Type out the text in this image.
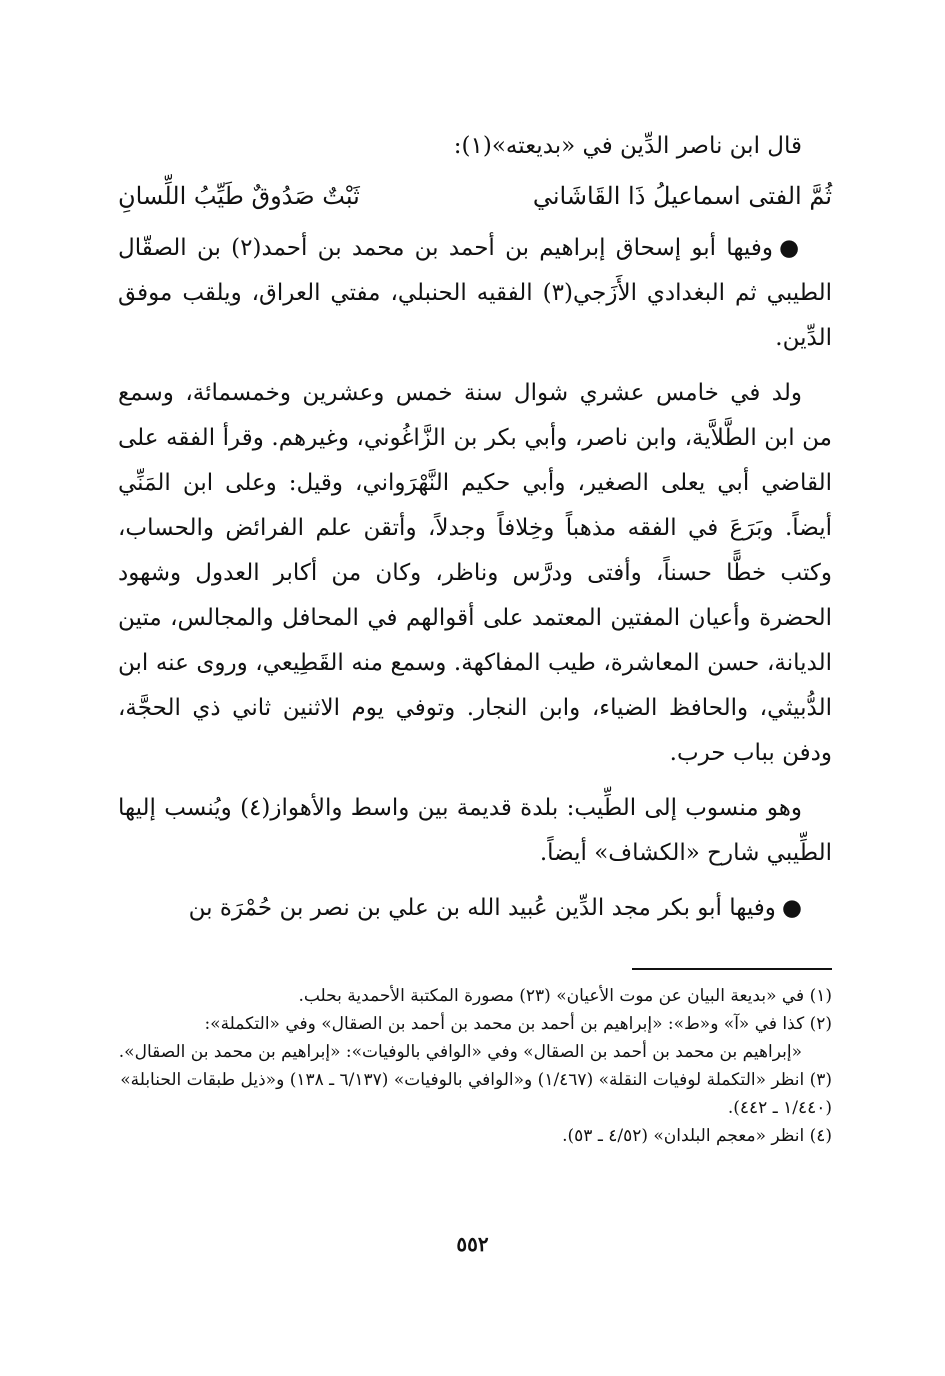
قال ابن ناصر الدِّين في «بديعته»(١):

ثُمَّ الفتى اسماعيلُ ذَا القَاشَاني
ثَبْتٌ صَدُوقٌ طَيِّبُ اللِّسانِ

●وفيها أبو إسحاق إبراهيم بن أحمد بن محمد بن أحمد(٢) بن الصقّال الطيبي ثم البغدادي الأَزَجي(٣) الفقيه الحنبلي، مفتي العراق، ويلقب موفق الدِّين.

ولد في خامس عشري شوال سنة خمس وعشرين وخمسمائة، وسمع من ابن الطَّلاَّية، وابن ناصر، وأبي بكر بن الزَّاغُوني، وغيرهم. وقرأ الفقه على القاضي أبي يعلى الصغير، وأبي حكيم النَّهْرَواني، وقيل: وعلى ابن المَنِّي أيضاً. وبَرَعَ في الفقه مذهباً وخِلافاً وجدلاً، وأتقن علم الفرائض والحساب، وكتب خطًّا حسناً، وأفتى ودرَّس وناظر، وكان من أكابر العدول وشهود الحضرة وأعيان المفتين المعتمد على أقوالهم في المحافل والمجالس، متين الديانة، حسن المعاشرة، طيب المفاكهة. وسمع منه القَطِيعي، وروى عنه ابن الدُّبيثي، والحافظ الضياء، وابن النجار. وتوفي يوم الاثنين ثاني ذي الحجَّة، ودفن بباب حرب.

وهو منسوب إلى الطِّيب: بلدة قديمة بين واسط والأهواز(٤) ويُنسب إليها الطِّيبي شارح «الكشاف» أيضاً.

●وفيها أبو بكر مجد الدِّين عُبيد الله بن علي بن نصر بن حُمْرَة بن

(١) في «بديعة البيان عن موت الأعيان» (٢٣) مصورة المكتبة الأحمدية بحلب.

(٢) كذا في «آ» و«ط»: «إبراهيم بن أحمد بن محمد بن أحمد بن الصقال» وفي «التكملة»:

«إبراهيم بن محمد بن أحمد بن الصقال» وفي «الوافي بالوفيات»: «إبراهيم بن محمد بن الصقال».

(٣) انظر «التكملة لوفيات النقلة» (١/٤٦٧) و«الوافي بالوفيات» (٦/١٣٧ ـ ١٣٨) و«ذيل طبقات الحنابلة» (١/٤٤٠ ـ ٤٤٢).

(٤) انظر «معجم البلدان» (٤/٥٢ ـ ٥٣).

٥٥٢
